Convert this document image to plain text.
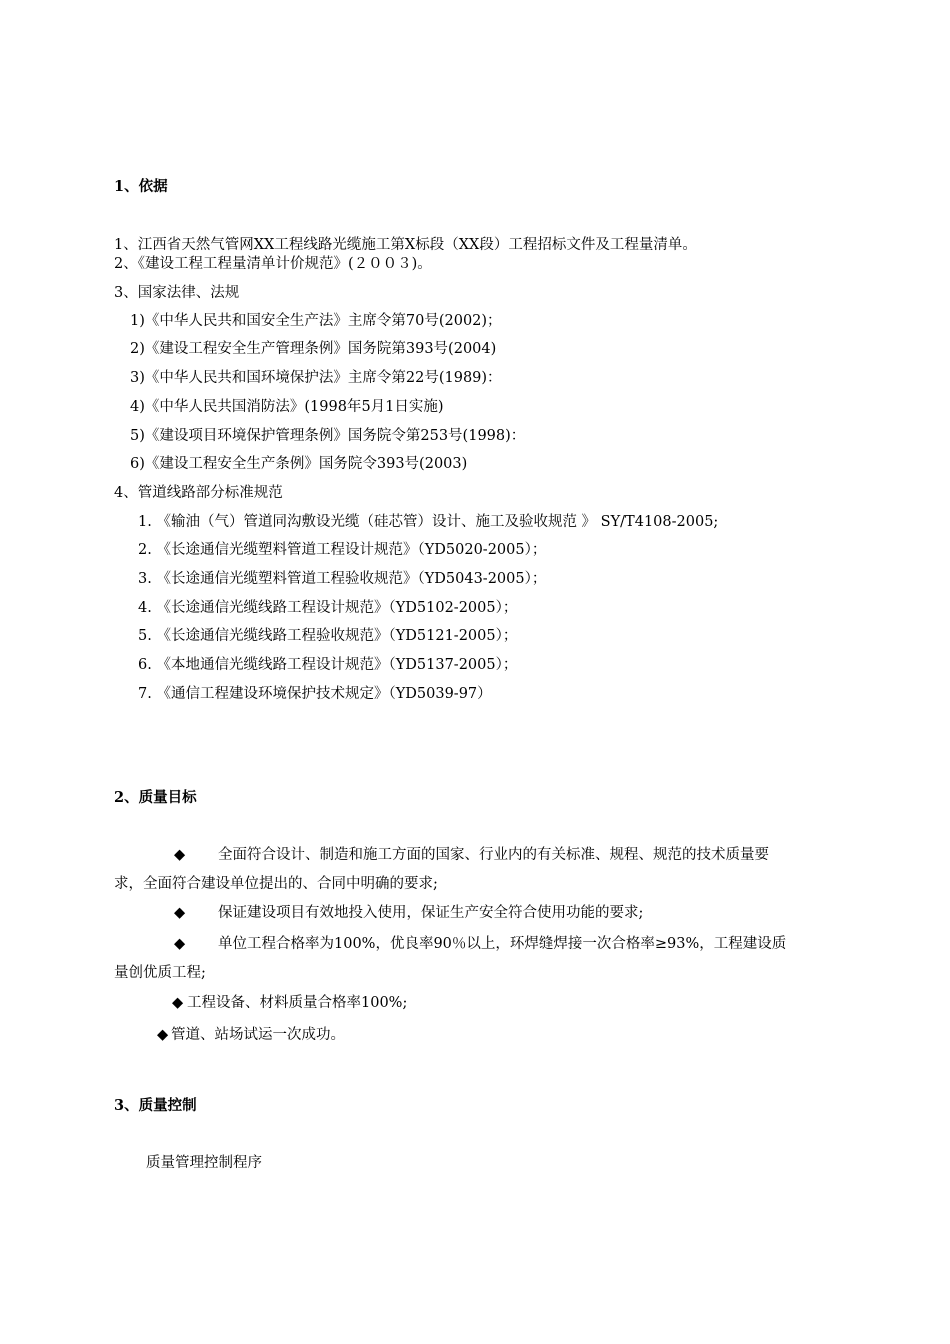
1、依据
1、江西省天然气管网XX工程线路光缆施工第X标段（XX段）工程招标文件及工程量清单。
2、《建设工程工程量清单计价规范》(２００３)。
3、国家法律、法规
1)《中华人民共和国安全生产法》主席令第70号(2002)；
2)《建设工程安全生产管理条例》国务院第393号(2004)
3)《中华人民共和国环境保护法》主席令第22号(1989)：
4)《中华人民共国消防法》(1998年5月1日实施)
5)《建设项目环境保护管理条例》国务院令第253号(1998)：
6)《建设工程安全生产条例》国务院令393号(2003)
4、管道线路部分标准规范
1. 《输油（气）管道同沟敷设光缆（硅芯管）设计、施工及验收规范 》 SY/T4108-2005;
2. 《长途通信光缆塑料管道工程设计规范》（YD5020-2005）；
3. 《长途通信光缆塑料管道工程验收规范》（YD5043-2005）；
4. 《长途通信光缆线路工程设计规范》（YD5102-2005）；
5. 《长途通信光缆线路工程验收规范》（YD5121-2005）；
6. 《本地通信光缆线路工程设计规范》（YD5137-2005）；
7. 《通信工程建设环境保护技术规定》（YD5039-97）
2、质量目标
◆ 全面符合设计、制造和施工方面的国家、行业内的有关标准、规程、规范的技术质量要
求，全面符合建设单位提出的、合同中明确的要求;
◆ 保证建设项目有效地投入使用，保证生产安全符合使用功能的要求;
◆ 单位工程合格率为100%，优良率90％以上，环焊缝焊接一次合格率≥93%，工程建设质
量创优质工程;
◆ 工程设备、材料质量合格率100%;
◆ 管道、站场试运一次成功。
3、质量控制
质量管理控制程序
